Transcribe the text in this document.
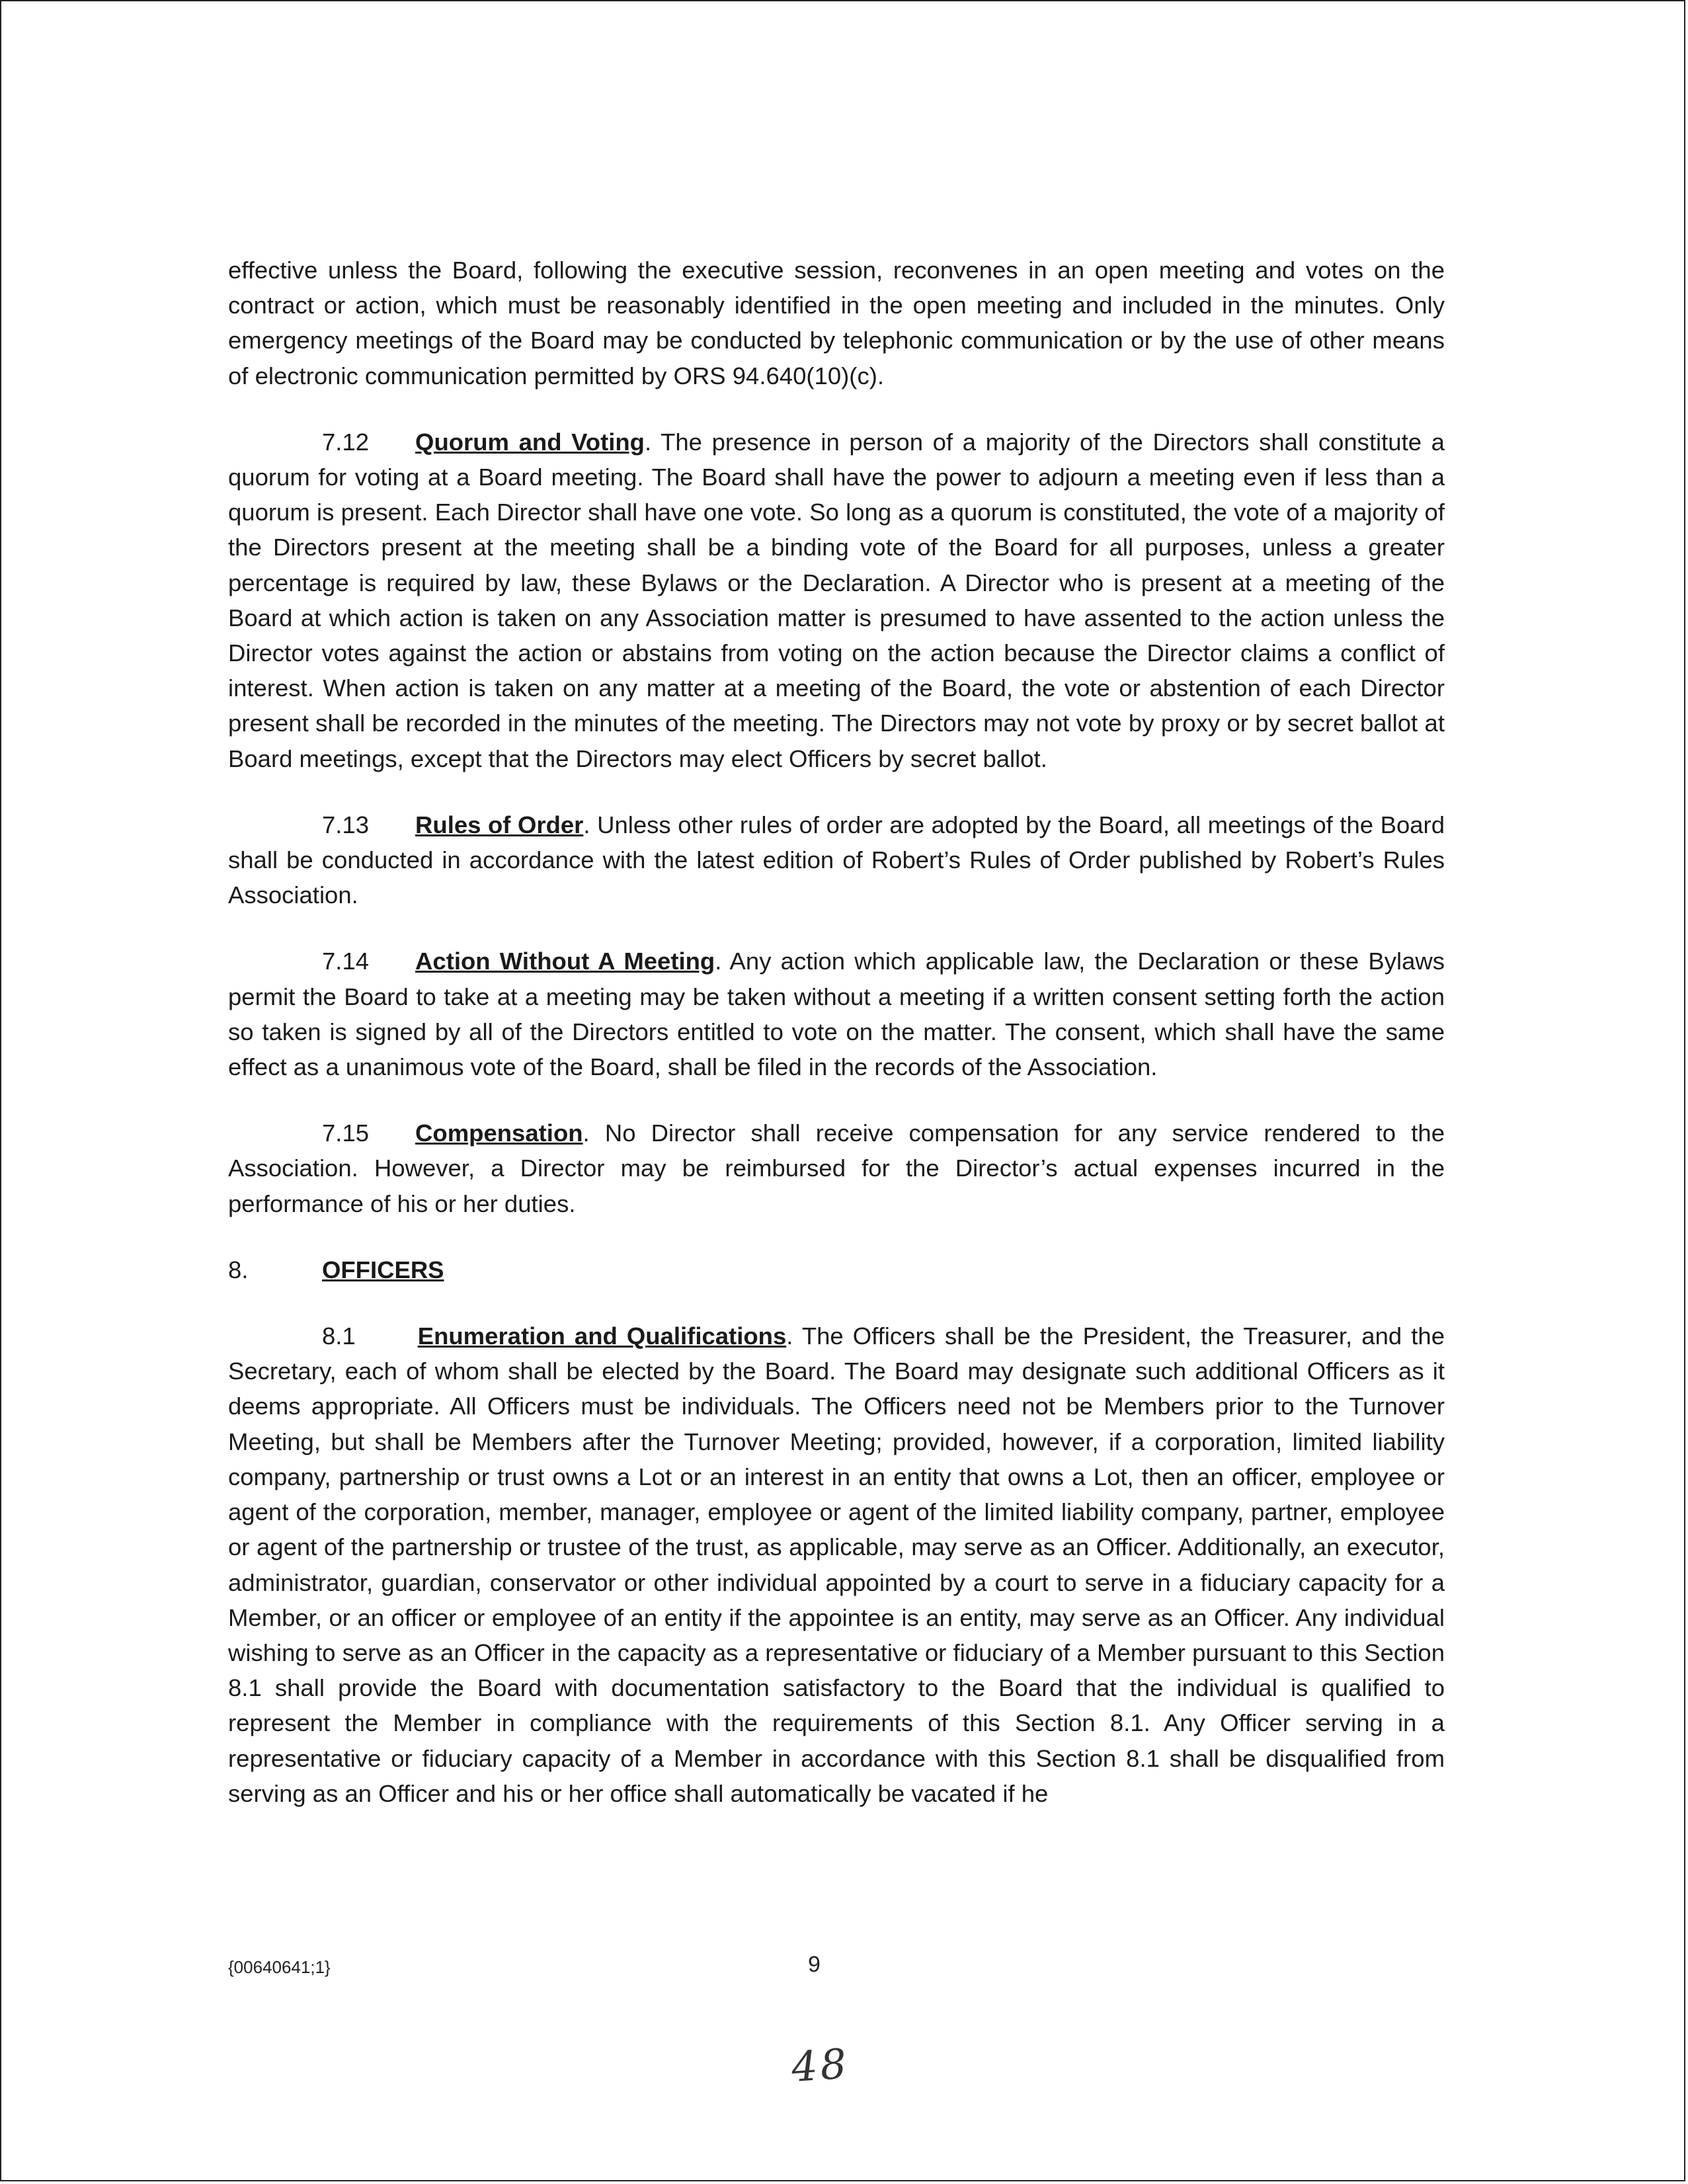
effective unless the Board, following the executive session, reconvenes in an open meeting and votes on the contract or action, which must be reasonably identified in the open meeting and included in the minutes. Only emergency meetings of the Board may be conducted by telephonic communication or by the use of other means of electronic communication permitted by ORS 94.640(10)(c).

7.12 Quorum and Voting. The presence in person of a majority of the Directors shall constitute a quorum for voting at a Board meeting. The Board shall have the power to adjourn a meeting even if less than a quorum is present. Each Director shall have one vote. So long as a quorum is constituted, the vote of a majority of the Directors present at the meeting shall be a binding vote of the Board for all purposes, unless a greater percentage is required by law, these Bylaws or the Declaration. A Director who is present at a meeting of the Board at which action is taken on any Association matter is presumed to have assented to the action unless the Director votes against the action or abstains from voting on the action because the Director claims a conflict of interest. When action is taken on any matter at a meeting of the Board, the vote or abstention of each Director present shall be recorded in the minutes of the meeting. The Directors may not vote by proxy or by secret ballot at Board meetings, except that the Directors may elect Officers by secret ballot.

7.13 Rules of Order. Unless other rules of order are adopted by the Board, all meetings of the Board shall be conducted in accordance with the latest edition of Robert’s Rules of Order published by Robert’s Rules Association.

7.14 Action Without A Meeting. Any action which applicable law, the Declaration or these Bylaws permit the Board to take at a meeting may be taken without a meeting if a written consent setting forth the action so taken is signed by all of the Directors entitled to vote on the matter. The consent, which shall have the same effect as a unanimous vote of the Board, shall be filed in the records of the Association.

7.15 Compensation. No Director shall receive compensation for any service rendered to the Association. However, a Director may be reimbursed for the Director’s actual expenses incurred in the performance of his or her duties.

8.	OFFICERS

8.1	Enumeration and Qualifications. The Officers shall be the President, the Treasurer, and the Secretary, each of whom shall be elected by the Board. The Board may designate such additional Officers as it deems appropriate. All Officers must be individuals. The Officers need not be Members prior to the Turnover Meeting, but shall be Members after the Turnover Meeting; provided, however, if a corporation, limited liability company, partnership or trust owns a Lot or an interest in an entity that owns a Lot, then an officer, employee or agent of the corporation, member, manager, employee or agent of the limited liability company, partner, employee or agent of the partnership or trustee of the trust, as applicable, may serve as an Officer. Additionally, an executor, administrator, guardian, conservator or other individual appointed by a court to serve in a fiduciary capacity for a Member, or an officer or employee of an entity if the appointee is an entity, may serve as an Officer. Any individual wishing to serve as an Officer in the capacity as a representative or fiduciary of a Member pursuant to this Section 8.1 shall provide the Board with documentation satisfactory to the Board that the individual is qualified to represent the Member in compliance with the requirements of this Section 8.1. Any Officer serving in a representative or fiduciary capacity of a Member in accordance with this Section 8.1 shall be disqualified from serving as an Officer and his or her office shall automatically be vacated if he

{00640641;1}	9
48
